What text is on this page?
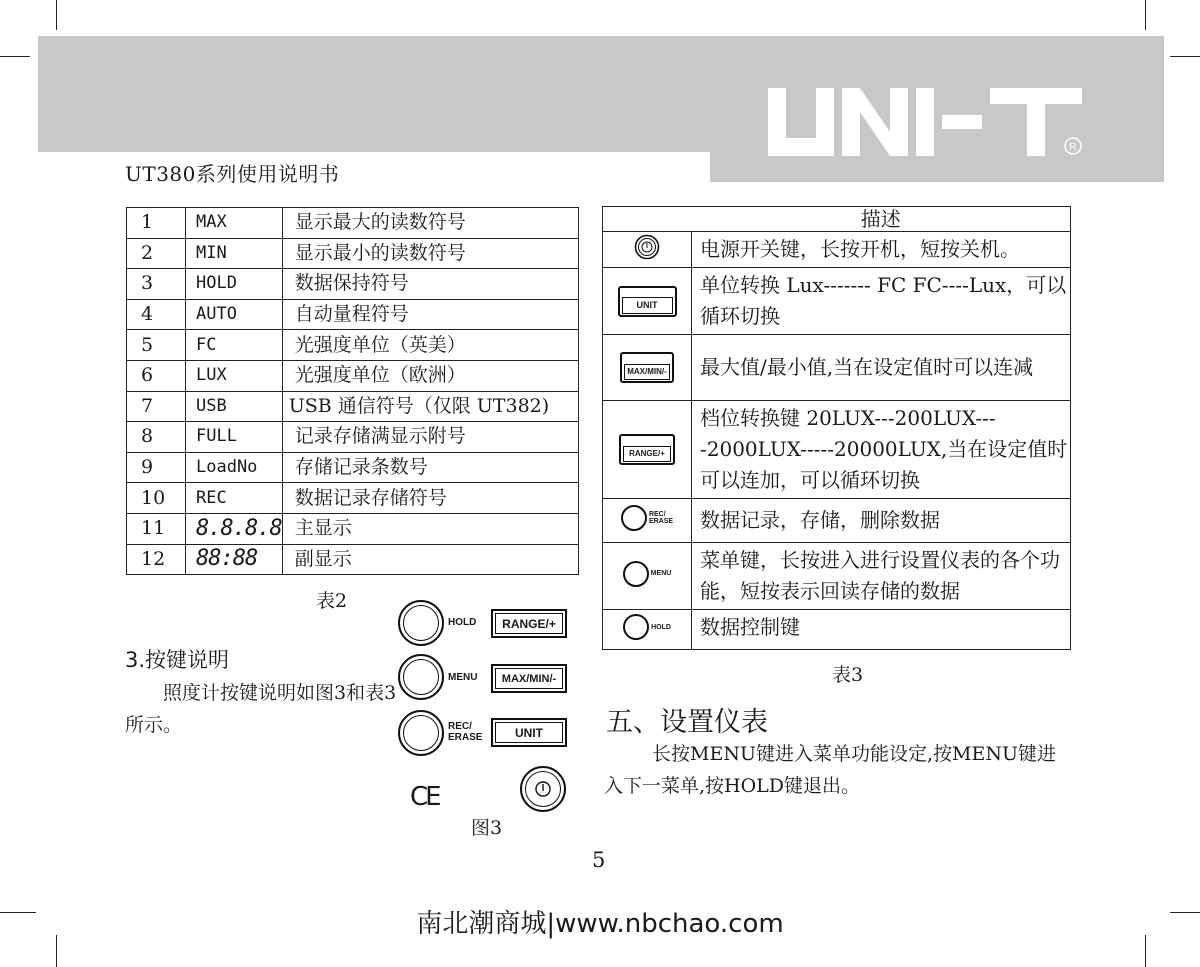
R
UT380系列使用说明书
1	MAX	显示最大的读数符号
2	MIN	显示最小的读数符号
3	HOLD	数据保持符号
4	AUTO	自动量程符号
5	FC	光强度单位（英美）
6	LUX	光强度单位（欧洲）
7	USB	USB 通信符号（仅限 UT382)
8	FULL	记录存储满显示附号
9	LoadNo	存储记录条数号
10	REC	数据记录存储符号
11	8.8.8.8	主显示
12	88:88	副显示
表2
3.按键说明
照度计按键说明如图3和表3所示。
HOLD	RANGE/+
MENU	MAX/MIN/-
REC/
ERASE	UNIT
CE
图3
	描述
	电源开关键，长按开机，短按关机。
UNIT	单位转换 Lux------- FC FC----Lux，可以循环切换
MAX/MIN/-	最大值/最小值,当在设定值时可以连减
RANGE/+	档位转换键 20LUX---200LUX----2000LUX-----20000LUX,当在设定值时可以连加，可以循环切换

REC/
ERASE	数据记录，存储，删除数据

MENU	菜单键，长按进入进行设置仪表的各个功能，短按表示回读存储的数据

HOLD	数据控制键
表3
五、设置仪表
长按MENU键进入菜单功能设定,按MENU键进入下一菜单,按HOLD键退出。
5
南北潮商城|www.nbchao.com
